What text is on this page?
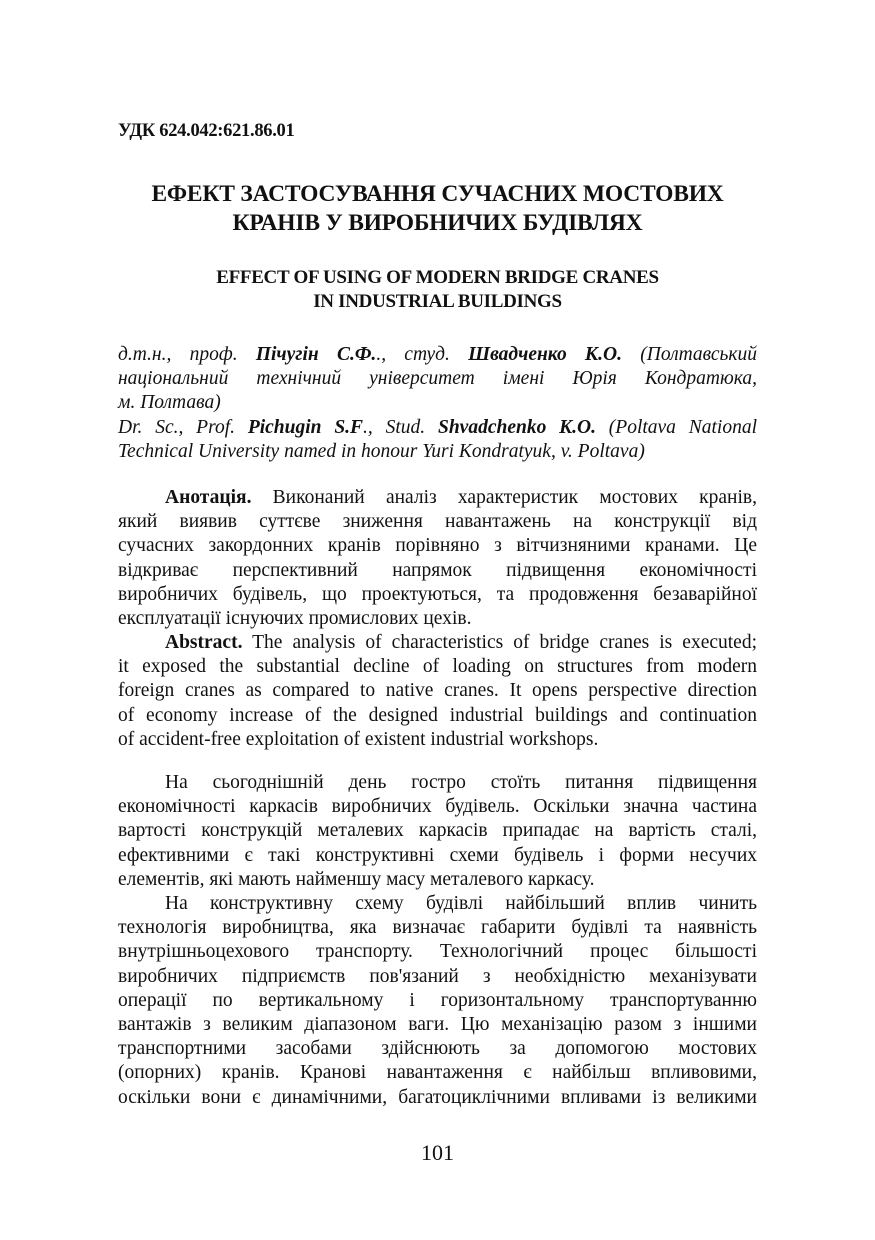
УДК 624.042:621.86.01
ЕФЕКТ ЗАСТОСУВАННЯ СУЧАСНИХ МОСТОВИХ
КРАНІВ У ВИРОБНИЧИХ БУДІВЛЯХ
EFFECT OF USING OF MODERN BRIDGE CRANES
IN INDUSTRIAL BUILDINGS
д.т.н., проф. Пічугін С.Ф.., студ. Швадченко К.О. (Полтавський
національний технічний університет імені Юрія Кондратюка,
м. Полтава)
Dr. Sc., Prof. Pichugin S.F., Stud. Shvadchenko K.O. (Poltava National
Technical University named in honour Yuri Kondratyuk, v. Poltava)
Анотація. Виконаний аналіз характеристик мостових кранів,
який виявив суттєве зниження навантажень на конструкції від
сучасних закордонних кранів порівняно з вітчизняними кранами. Це
відкриває перспективний напрямок підвищення економічності
виробничих будівель, що проектуються, та продовження безаварійної
експлуатації існуючих промислових цехів.
Abstract. The analysis of characteristics of bridge cranes is executed;
it exposed the substantial decline of loading on structures from modern
foreign cranes as compared to native cranes. It opens perspective direction
of economy increase of the designed industrial buildings and continuation
of accident-free exploitation of existent industrial workshops.
На сьогоднішній день гостро стоїть питання підвищення
економічності каркасів виробничих будівель. Оскільки значна частина
вартості конструкцій металевих каркасів припадає на вартість сталі,
ефективними є такі конструктивні схеми будівель і форми несучих
елементів, які мають найменшу масу металевого каркасу.
На конструктивну схему будівлі найбільший вплив чинить
технологія виробництва, яка визначає габарити будівлі та наявність
внутрішньоцехового транспорту. Технологічний процес більшості
виробничих підприємств пов'язаний з необхідністю механізувати
операції по вертикальному і горизонтальному транспортуванню
вантажів з великим діапазоном ваги. Цю механізацію разом з іншими
транспортними засобами здійснюють за допомогою мостових
(опорних) кранів. Кранові навантаження є найбільш впливовими,
оскільки вони є динамічними, багатоциклічними впливами із великими
101
